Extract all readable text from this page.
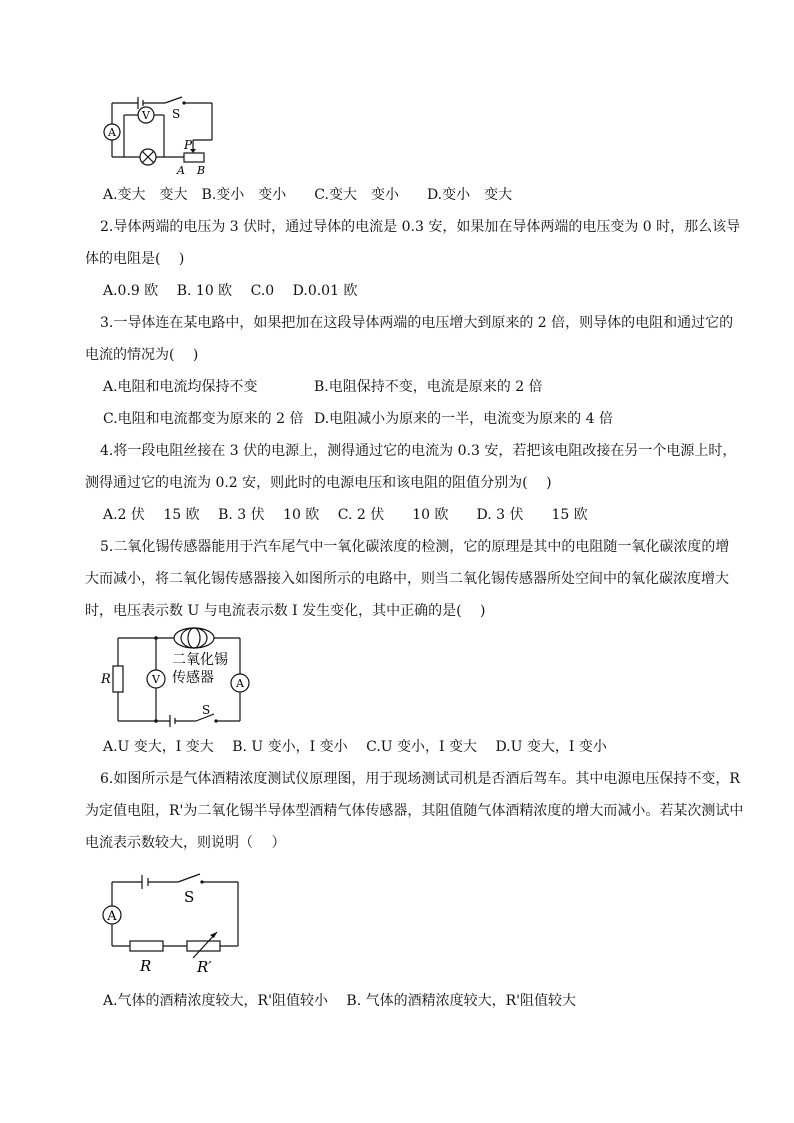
V
A
S
P
A B
A.变大　变大　B.变小　变小　　C.变大　变小　　D.变小　变大
2.导体两端的电压为 3 伏时，通过导体的电流是 0.3 安，如果加在导体两端的电压变为 0 时，那么该导
体的电阻是(　 )
A.0.9 欧　 B. 10 欧　 C.0　 D.0.01 欧
3.一导体连在某电路中，如果把加在这段导体两端的电压增大到原来的 2 倍，则导体的电阻和通过它的
电流的情况为(　 )
A.电阻和电流均保持不变	B.电阻保持不变，电流是原来的 2 倍
C.电阻和电流都变为原来的 2 倍 D.电阻减小为原来的一半，电流变为原来的 4 倍
4.将一段电阻丝接在 3 伏的电源上，测得通过它的电流为 0.3 安，若把该电阻改接在另一个电源上时，
测得通过它的电流为 0.2 安，则此时的电源电压和该电阻的阻值分别为(　 )
A.2 伏　 15 欧　 B. 3 伏　 10 欧　 C. 2 伏　　10 欧　　D. 3 伏　　15 欧
5.二氧化锡传感器能用于汽车尾气中一氧化碳浓度的检测，它的原理是其中的电阻随一氧化碳浓度的增
大而减小，将二氧化锡传感器接入如图所示的电路中，则当二氧化锡传感器所处空间中的氧化碳浓度增大
时，电压表示数 U 与电流表示数 I 发生变化，其中正确的是(　 )
二氧化锡
传感器
R	V	A
S
A.U 变大，I 变大　 B. U 变小，I 变小　 C.U 变小，I 变大　 D.U 变大，I 变小
6.如图所示是气体酒精浓度测试仪原理图，用于现场测试司机是否酒后驾车。其中电源电压保持不变，R
为定值电阻，R'为二氧化锡半导体型酒精气体传感器，其阻值随气体酒精浓度的增大而减小。若某次测试中
电流表示数较大，则说明（　 ）
A
S
R	R′
A.气体的酒精浓度较大，R'阻值较小　 B. 气体的酒精浓度较大，R'阻值较大
